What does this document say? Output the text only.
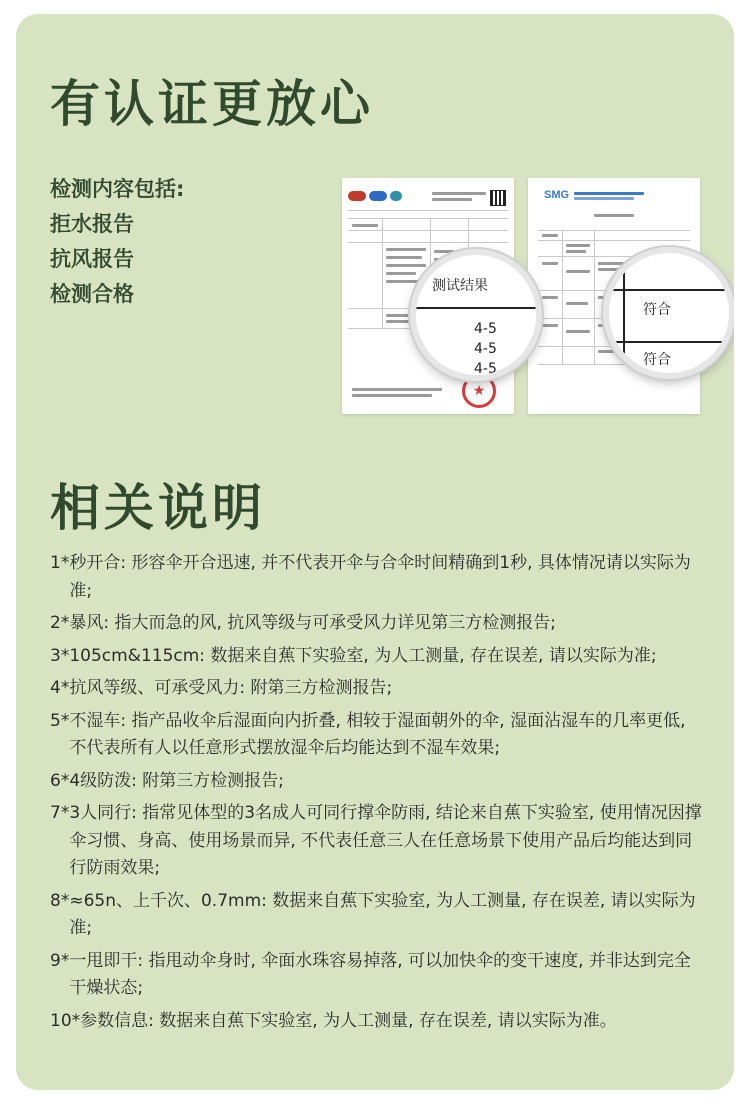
有认证更放心
检测内容包括:
拒水报告
抗风报告
检测合格
★
SMG
测试结果
4-5
4-5
4-5
符合
符合
相关说明
1* 秒开合: 形容伞开合迅速, 并不代表开伞与合伞时间精确到1秒, 具体情况请以实际为准;
2* 暴风: 指大而急的风, 抗风等级与可承受风力详见第三方检测报告;
3* 105cm&115cm: 数据来自蕉下实验室, 为人工测量, 存在误差, 请以实际为准;
4* 抗风等级、可承受风力: 附第三方检测报告;
5* 不湿车: 指产品收伞后湿面向内折叠, 相较于湿面朝外的伞, 湿面沾湿车的几率更低, 不代表所有人以任意形式摆放湿伞后均能达到不湿车效果;
6* 4级防泼: 附第三方检测报告;
7* 3人同行: 指常见体型的3名成人可同行撑伞防雨, 结论来自蕉下实验室, 使用情况因撑伞习惯、身高、使用场景而异, 不代表任意三人在任意场景下使用产品后均能达到同行防雨效果;
8* ≈65n、上千次、0.7mm: 数据来自蕉下实验室, 为人工测量, 存在误差, 请以实际为准;
9* 一甩即干: 指甩动伞身时, 伞面水珠容易掉落, 可以加快伞的变干速度, 并非达到完全干燥状态;
10* 参数信息: 数据来自蕉下实验室, 为人工测量, 存在误差, 请以实际为准。
